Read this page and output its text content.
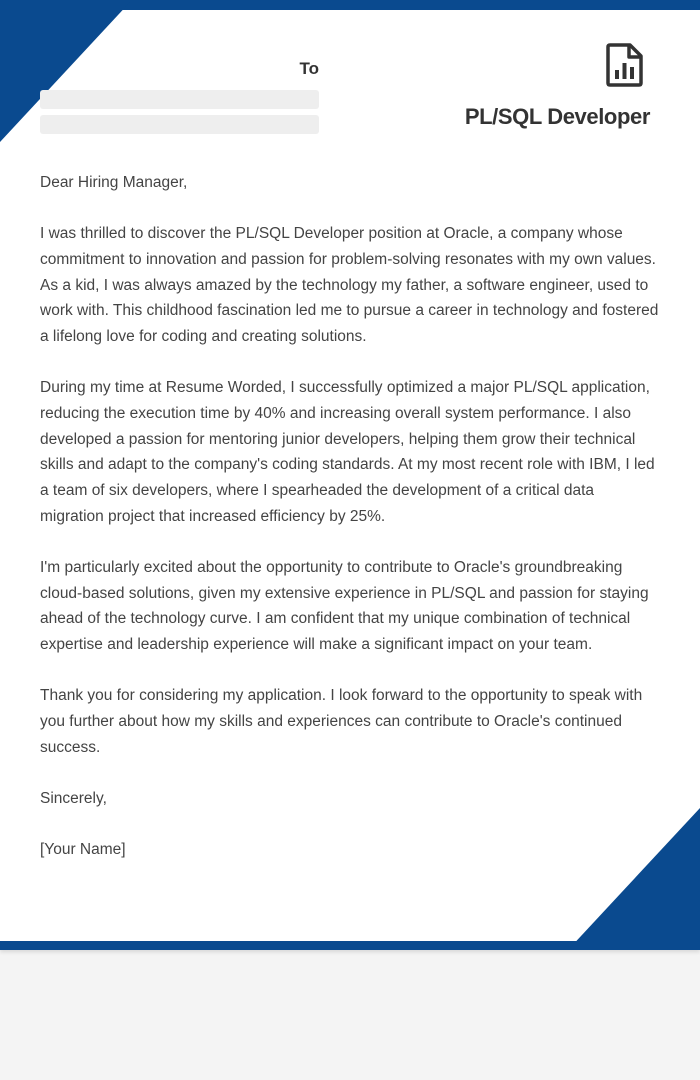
To
PL/SQL Developer

Dear Hiring Manager,

I was thrilled to discover the PL/SQL Developer position at Oracle, a company whose commitment to innovation and passion for problem-solving resonates with my own values. As a kid, I was always amazed by the technology my father, a software engineer, used to work with. This childhood fascination led me to pursue a career in technology and fostered a lifelong love for coding and creating solutions.

During my time at Resume Worded, I successfully optimized a major PL/SQL application, reducing the execution time by 40% and increasing overall system performance. I also developed a passion for mentoring junior developers, helping them grow their technical skills and adapt to the company's coding standards. At my most recent role with IBM, I led a team of six developers, where I spearheaded the development of a critical data migration project that increased efficiency by 25%.

I'm particularly excited about the opportunity to contribute to Oracle's groundbreaking cloud-based solutions, given my extensive experience in PL/SQL and passion for staying ahead of the technology curve. I am confident that my unique combination of technical expertise and leadership experience will make a significant impact on your team.

Thank you for considering my application. I look forward to the opportunity to speak with you further about how my skills and experiences can contribute to Oracle's continued success.

Sincerely,

[Your Name]
